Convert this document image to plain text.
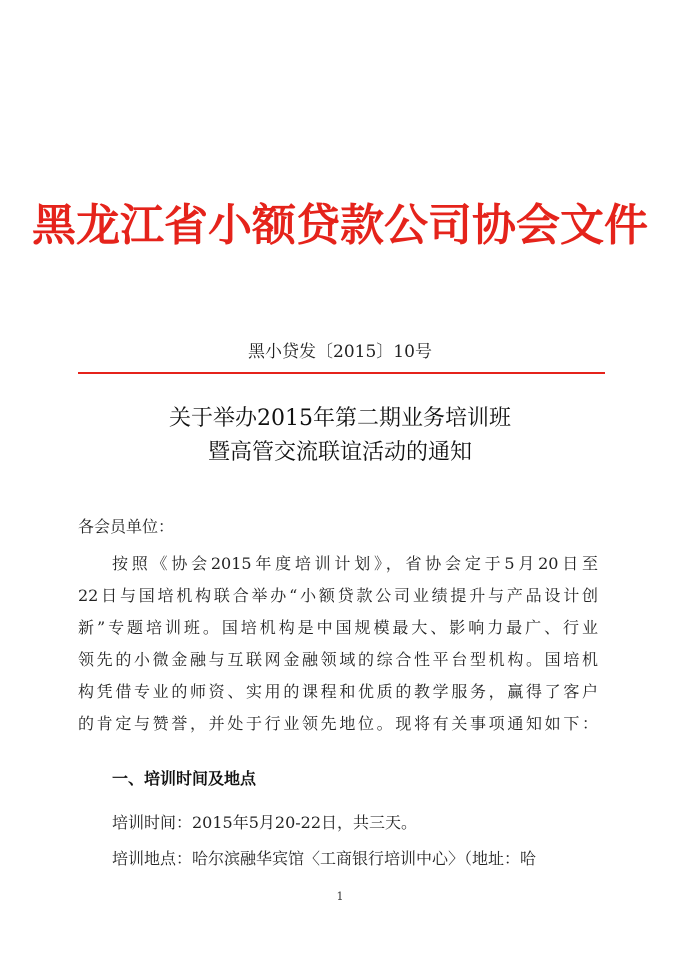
黑龙江省小额贷款公司协会文件
黑小贷发〔2015〕10号
关于举办2015年第二期业务培训班
暨高管交流联谊活动的通知
各会员单位：
按照《协会2015年度培训计划》，省协会定于5月20日至
22日与国培机构联合举办“小额贷款公司业绩提升与产品设计创
新”专题培训班。国培机构是中国规模最大、影响力最广、行业
领先的小微金融与互联网金融领域的综合性平台型机构。国培机
构凭借专业的师资、实用的课程和优质的教学服务，赢得了客户
的肯定与赞誉，并处于行业领先地位。现将有关事项通知如下：
一、培训时间及地点
培训时间：2015年5月20-22日，共三天。
培训地点：哈尔滨融华宾馆〈工商银行培训中心〉（地址：哈
1
